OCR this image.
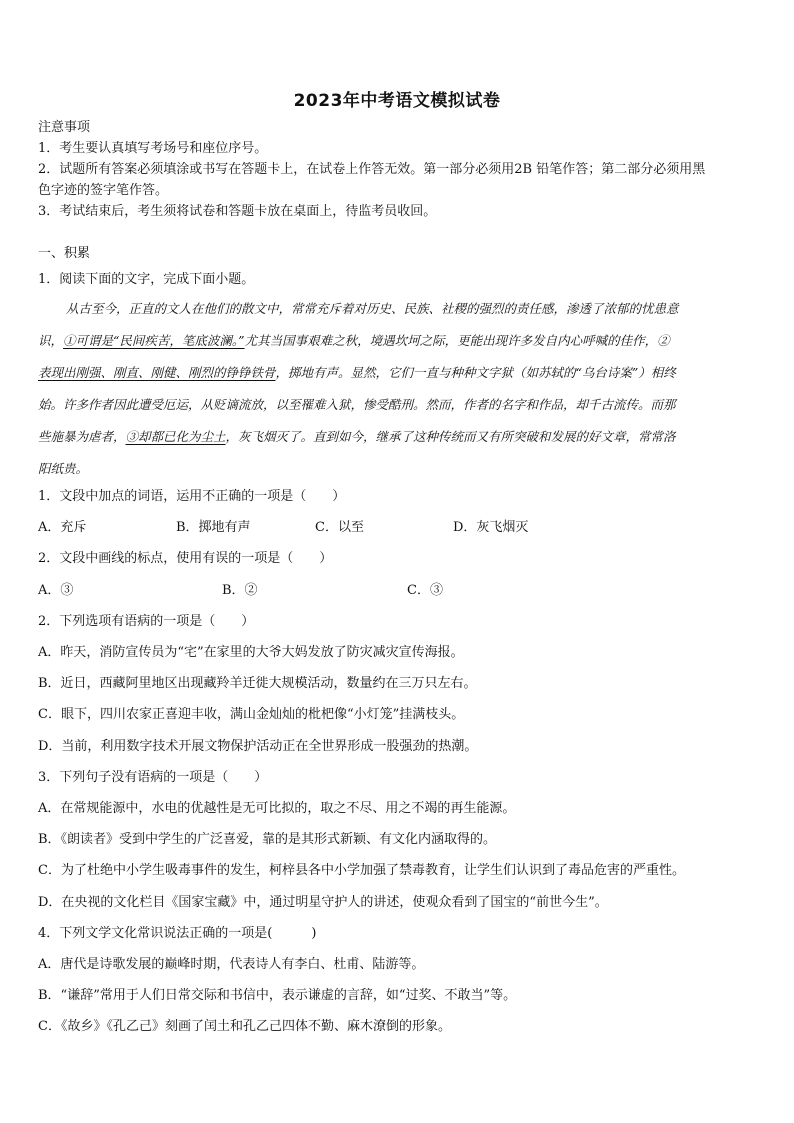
2023年中考语文模拟试卷
注意事项
1．考生要认真填写考场号和座位序号。
2．试题所有答案必须填涂或书写在答题卡上，在试卷上作答无效。第一部分必须用2B 铅笔作答；第二部分必须用黑
色字迹的签字笔作答。
3．考试结束后，考生须将试卷和答题卡放在桌面上，待监考员收回。
一、积累
1．阅读下面的文字，完成下面小题。
从古至今，正直的文人在他们的散文中，常常充斥着对历史、民族、社稷的强烈的责任感，渗透了浓郁的忧患意
识，①可谓是“民间疾苦，笔底波澜。”尤其当国事艰难之秋，境遇坎坷之际，更能出现许多发自内心呼喊的佳作，②
表现出刚强、刚直、刚健、刚烈的铮铮铁骨，掷地有声。显然，它们一直与种种文字狱（如苏轼的“乌台诗案”）相终
始。许多作者因此遭受厄运，从贬谪流放，以至罹难入狱，惨受酷刑。然而，作者的名字和作品，却千古流传。而那
些施暴为虐者，③却都已化为尘土，灰飞烟灭了。直到如今，继承了这种传统而又有所突破和发展的好文章，常常洛
阳纸贵。
1．文段中加点的词语，运用不正确的一项是（　　）
A．充斥	B．掷地有声	C．以至	D．灰飞烟灭
2．文段中画线的标点，使用有误的一项是（　　）
A．③	B．②	C．③
2．下列选项有语病的一项是（　　）
A．昨天，消防宣传员为“宅”在家里的大爷大妈发放了防灾减灾宣传海报。
B．近日，西藏阿里地区出现藏羚羊迁徙大规模活动，数量约在三万只左右。
C．眼下，四川农家正喜迎丰收，满山金灿灿的枇杷像“小灯笼”挂满枝头。
D．当前，利用数字技术开展文物保护活动正在全世界形成一股强劲的热潮。
3．下列句子没有语病的一项是（　　）
A．在常规能源中，水电的优越性是无可比拟的，取之不尽、用之不竭的再生能源。
B．《朗读者》受到中学生的广泛喜爱，靠的是其形式新颖、有文化内涵取得的。
C．为了杜绝中小学生吸毒事件的发生，柯梓县各中小学加强了禁毒教育，让学生们认识到了毒品危害的严重性。
D．在央视的文化栏目《国家宝藏》中，通过明星守护人的讲述，使观众看到了国宝的“前世今生”。
4．下列文学文化常识说法正确的一项是(　　　)
A．唐代是诗歌发展的巅峰时期，代表诗人有李白、杜甫、陆游等。
B．“谦辞”常用于人们日常交际和书信中，表示谦虚的言辞，如“过奖、不敢当”等。
C．《故乡》《孔乙己》刻画了闰土和孔乙己四体不勤、麻木潦倒的形象。
